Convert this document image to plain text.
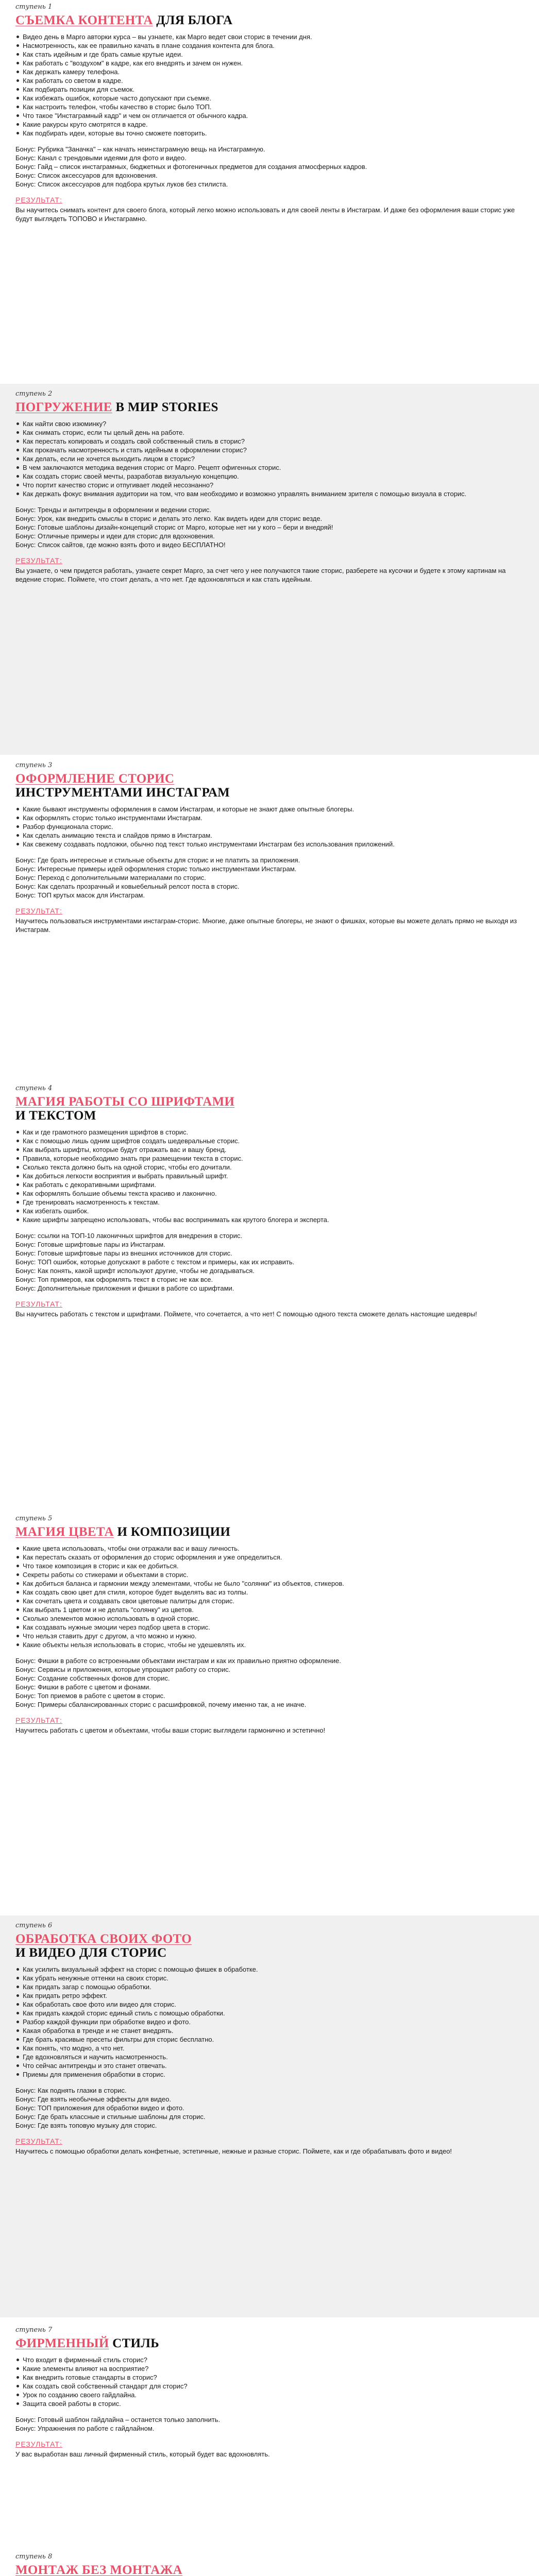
ступень 1
СЪЕМКА КОНТЕНТА ДЛЯ БЛОГА
Видео день в Марго авторки курса – вы узнаете, как Марго ведет свои сторис в течении дня.
Насмотренность, как ее правильно качать в плане создания контента для блога.
Как стать идейным и где брать самые крутые идеи.
Как работать с "воздухом" в кадре, как его внедрять и зачем он нужен.
Как держать камеру телефона.
Как работать со светом в кадре.
Как подбирать позиции для съемок.
Как избежать ошибок, которые часто допускают при съемке.
Как настроить телефон, чтобы качество в сторис было ТОП.
Что такое "Инстаграмный кадр" и чем он отличается от обычного кадра.
Какие ракурсы круто смотрятся в кадре.
Как подбирать идеи, которые вы точно сможете повторить.

Бонус: Рубрика "Заначка" – как начать неинстаграмную вещь на Инстаграмную.

Бонус: Канал с трендовыми идеями для фото и видео.

Бонус: Гайд – список инстаграмных, бюджетных и фотогеничных предметов для создания атмосферных кадров.

Бонус: Список аксессуаров для вдохновения.

Бонус: Список аксессуаров для подбора крутых луков без стилиста.

РЕЗУЛЬТАТ:

Вы научитесь снимать контент для своего блога, который легко можно использовать и для своей ленты в Инстаграм. И даже без оформления ваши сторис уже будут выглядеть ТОПОВО и Инстаграмно.

ступень 2
ПОГРУЖЕНИЕ В МИР STORIES
Как найти свою изюминку?
Как снимать сторис, если ты целый день на работе.
Как перестать копировать и создать свой собственный стиль в сторис?
Как прокачать насмотренность и стать идейным в оформлении сторис?
Как делать, если не хочется выходить лицом в сторис?
В чем заключаются методика ведения сторис от Марго. Рецепт офигенных сторис.
Как создать сторис своей мечты, разработав визуальную концепцию.
Что портит качество сторис и отпугивает людей несознанно?
Как держать фокус внимания аудитории на том, что вам необходимо и возможно управлять вниманием зрителя с помощью визуала в сторис.

Бонус: Тренды и антитренды в оформлении и ведении сторис.

Бонус: Урок, как внедрить смыслы в сторис и делать это легко. Как видеть идеи для сторис везде.

Бонус: Готовые шаблоны дизайн-концепций сторис от Марго, которые нет ни у кого – бери и внедряй!

Бонус: Отличные примеры и идеи для сторис для вдохновения.

Бонус: Список сайтов, где можно взять фото и видео БЕСПЛАТНО!

РЕЗУЛЬТАТ:

Вы узнаете, о чем придется работать, узнаете секрет Марго, за счет чего у нее получаются такие сторис, разберете на кусочки и будете к этому картинам на ведение сторис. Поймете, что стоит делать, а что нет. Где вдохновляться и как стать идейным.

ступень 3
ОФОРМЛЕНИЕ СТОРИС
ИНСТРУМЕНТАМИ ИНСТАГРАМ
Какие бывают инструменты оформления в самом Инстаграм, и которые не знают даже опытные блогеры.
Как оформлять сторис только инструментами Инстаграм.
Разбор функционала сторис.
Как сделать анимацию текста и слайдов прямо в Инстаграм.
Как свежему создавать подложки, обычно под текст только инструментами Инстаграм без использования приложений.

Бонус: Где брать интересные и стильные объекты для сторис и не платить за приложения.

Бонус: Интересные примеры идей оформления сторис только инструментами Инстаграм.

Бонус: Переход с дополнительными материалами по сторис.

Бонус: Как сделать прозрачный и ковыебельный релсот поста в сторис.

Бонус: ТОП крутых масок для Инстаграм.

РЕЗУЛЬТАТ:

Научитесь пользоваться инструментами инстаграм-сторис. Многие, даже опытные блогеры, не знают о фишках, которые вы можете делать прямо не выходя из Инстаграм.

ступень 4
МАГИЯ РАБОТЫ СО ШРИФТАМИ
И ТЕКСТОМ
Как и где грамотного размещения шрифтов в сторис.
Как с помощью лишь одним шрифтов создать шедевральные сторис.
Как выбрать шрифты, которые будут отражать вас и вашу бренд.
Правила, которые необходимо знать при размещении текста в сторис.
Сколько текста должно быть на одной сторис, чтобы его дочитали.
Как добиться легкости восприятия и выбрать правильный шрифт.
Как работать с декоративными шрифтами.
Как оформлять большие объемы текста красиво и лаконично.
Где тренировать насмотренность к текстам.
Как избегать ошибок.
Какие шрифты запрещено использовать, чтобы вас воспринимать как крутого блогера и эксперта.

Бонус: ссылки на ТОП-10 лаконичных шрифтов для внедрения в сторис.

Бонус: Готовые шрифтовые пары из Инстаграм.

Бонус: Готовые шрифтовые пары из внешних источников для сторис.

Бонус: ТОП ошибок, которые допускают в работе с текстом и примеры, как их исправить.

Бонус: Как понять, какой шрифт используют другие, чтобы не догадываться.

Бонус: Топ примеров, как оформлять текст в сторис не как все.

Бонус: Дополнительные приложения и фишки в работе со шрифтами.

РЕЗУЛЬТАТ:

Вы научитесь работать с текстом и шрифтами. Поймете, что сочетается, а что нет! С помощью одного текста сможете делать настоящие шедевры!

ступень 5
МАГИЯ ЦВЕТА И КОМПОЗИЦИИ
Какие цвета использовать, чтобы они отражали вас и вашу личность.
Как перестать сказать от оформления до сторис оформления и уже определиться.
Что такое композиция в сторис и как ее добиться.
Секреты работы со стикерами и объектами в сторис.
Как добиться баланса и гармонии между элементами, чтобы не было "солянки" из объектов, стикеров.
Как создать свою цвет для стиля, которое будет выделять вас из толпы.
Как сочетать цвета и создавать свои цветовые палитры для сторис.
Как выбрать 1 цветом и не делать "солянку" из цветов.
Сколько элементов можно использовать в одной сторис.
Как создавать нужные эмоции через подбор цвета в сторис.
Что нельзя ставить друг с другом, а что можно и нужно.
Какие объекты нельзя использовать в сторис, чтобы не удешевлять их.

Бонус: Фишки в работе со встроенными объектами инстаграм и как их правильно приятно оформление.

Бонус: Сервисы и приложения, которые упрощают работу со сторис.

Бонус: Создание собственных фонов для сторис.

Бонус: Фишки в работе с цветом и фонами.

Бонус: Топ приемов в работе с цветом в сторис.

Бонус: Примеры сбалансированных сторис с расшифровкой, почему именно так, а не иначе.

РЕЗУЛЬТАТ:

Научитесь работать с цветом и объектами, чтобы ваши сторис выглядели гармонично и эстетично!

ступень 6
ОБРАБОТКА СВОИХ ФОТО
И ВИДЕО ДЛЯ СТОРИС
Как усилить визуальный эффект на сторис с помощью фишек в обработке.
Как убрать ненужные оттенки на своих сторис.
Как придать загар с помощью обработки.
Как придать ретро эффект.
Как обработать свое фото или видео для сторис.
Как придать каждой сторис единый стиль с помощью обработки.
Разбор каждой функции при обработке видео и фото.
Какая обработка в тренде и не станет внедрять.
Где брать красивые пресеты фильтры для сторис бесплатно.
Как понять, что модно, а что нет.
Где вдохновляться и научить насмотренность.
Что сейчас антитренды и это станет отвечать.
Приемы для применения обработки в сторис.

Бонус: Как поднять глазки в сторис.

Бонус: Где взять необычные эффекты для видео.

Бонус: ТОП приложения для обработки видео и фото.

Бонус: Где брать классные и стильные шаблоны для сторис.

Бонус: Где взять топовую музыку для сторис.

РЕЗУЛЬТАТ:

Научитесь с помощью обработки делать конфетные, эстетичные, нежные и разные сторис. Поймете, как и где обрабатывать фото и видео!

ступень 7
ФИРМЕННЫЙ СТИЛЬ
Что входит в фирменный стиль сторис?
Какие элементы влияют на восприятие?
Как внедрить готовые стандарты в сторис?
Как создать свой собственный стандарт для сторис?
Урок по созданию своего гайдлайна.
Защита своей работы в сторис.

Бонус: Готовый шаблон гайдлайна – останется только заполнить.

Бонус: Упражнения по работе с гайдлайном.

РЕЗУЛЬТАТ:

У вас выработан ваш личный фирменный стиль, который будет вас вдохновлять.

ступень 8
МОНТАЖ БЕЗ МОНТАЖА
